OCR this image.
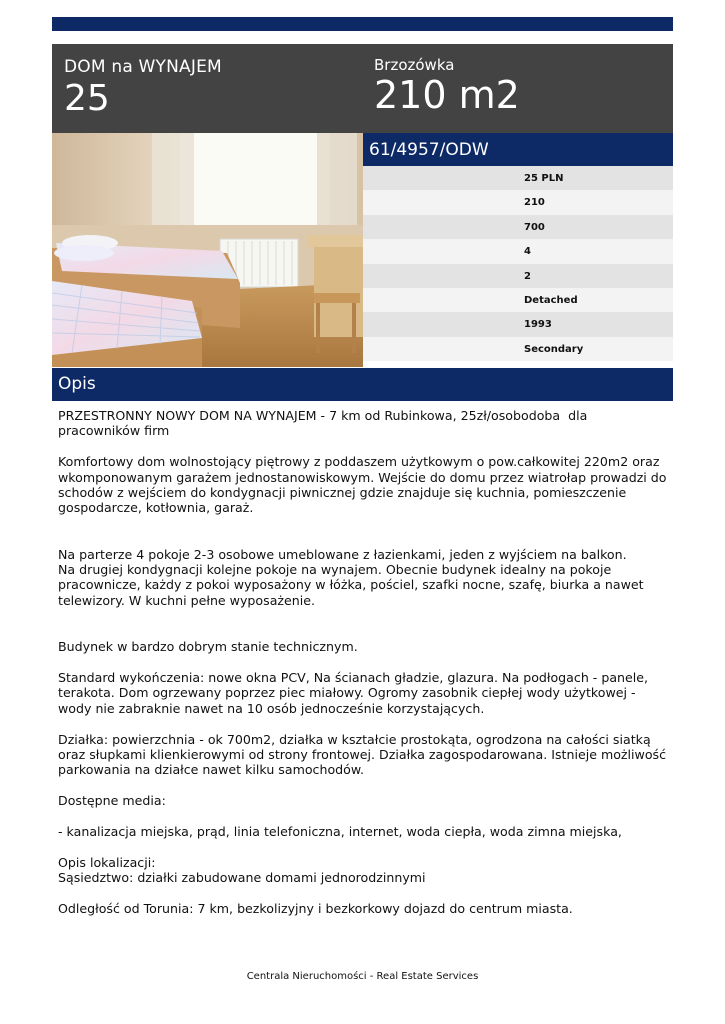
DOM na WYNAJEM
25
Brzozówka
210 m2
61/4957/ODW
25 PLN
210
700
4
2
Detached
1993
Secondary
Opis

PRZESTRONNY NOWY DOM NA WYNAJEM - 7 km od Rubinkowa, 25zł/osobodoba  dla pracowników firm

Komfortowy dom wolnostojący piętrowy z poddaszem użytkowym o pow.całkowitej 220m2 oraz wkomponowanym garażem jednostanowiskowym. Wejście do domu przez wiatrołap prowadzi do schodów z wejściem do kondygnacji piwnicznej gdzie znajduje się kuchnia, pomieszczenie gospodarcze, kotłownia, garaż.

Na parterze 4 pokoje 2-3 osobowe umeblowane z łazienkami, jeden z wyjściem na balkon.

Na drugiej kondygnacji kolejne pokoje na wynajem. Obecnie budynek idealny na pokoje pracownicze, każdy z pokoi wyposażony w łóżka, pościel, szafki nocne, szafę, biurka a nawet telewizory. W kuchni pełne wyposażenie.

Budynek w bardzo dobrym stanie technicznym.

Standard wykończenia: nowe okna PCV, Na ścianach gładzie, glazura. Na podłogach - panele, terakota. Dom ogrzewany poprzez piec miałowy. Ogromy zasobnik ciepłej wody użytkowej - wody nie zabraknie nawet na 10 osób jednocześnie korzystających.

Działka: powierzchnia - ok 700m2, działka w kształcie prostokąta, ogrodzona na całości siatką oraz słupkami klienkierowymi od strony frontowej. Działka zagospodarowana. Istnieje możliwość parkowania na działce nawet kilku samochodów.

Dostępne media:

- kanalizacja miejska, prąd, linia telefoniczna, internet, woda ciepła, woda zimna miejska,

Opis lokalizacji:

Sąsiedztwo: działki zabudowane domami jednorodzinnymi

Odległość od Torunia: 7 km, bezkolizyjny i bezkorkowy dojazd do centrum miasta.

Centrala Nieruchomości - Real Estate Services
